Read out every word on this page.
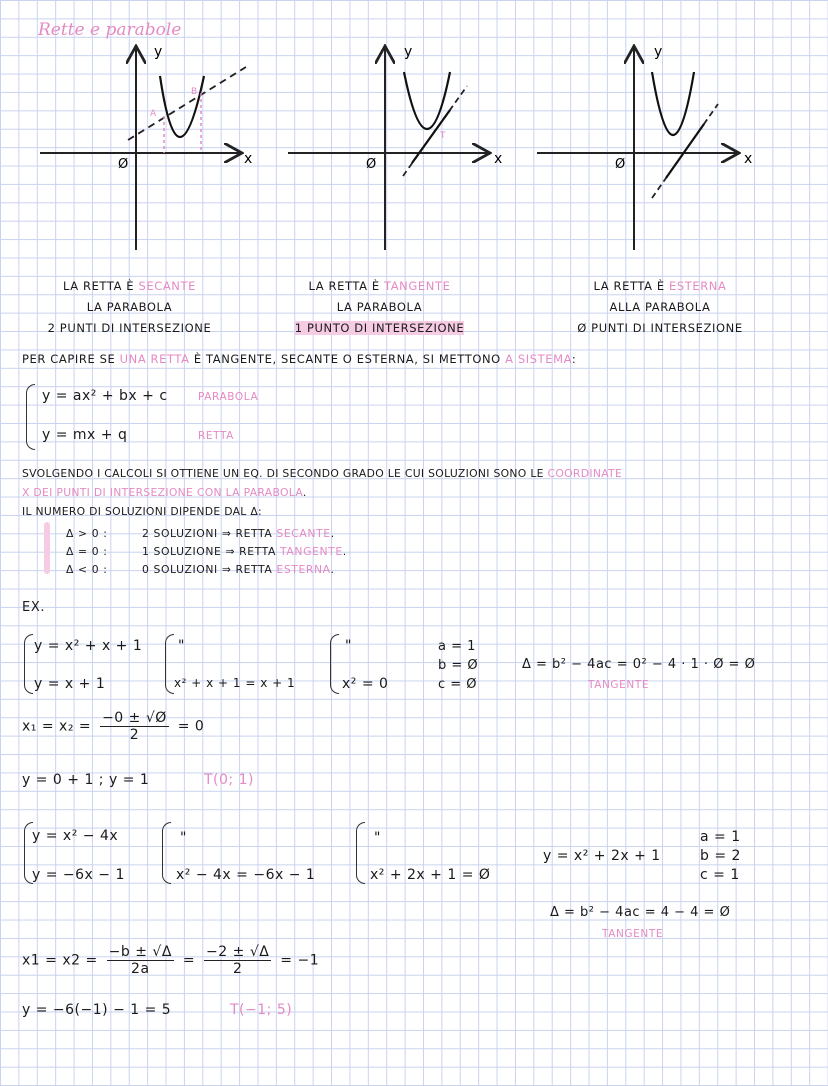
Rette e parabole
Ø	x
y
A
B
Ø	x
y
T
Ø	x
y
LA RETTA È SECANTE
LA PARABOLA
2 PUNTI DI INTERSEZIONE
LA RETTA È TANGENTE
LA PARABOLA
1 PUNTO DI INTERSEZIONE
LA RETTA È ESTERNA
ALLA PARABOLA
Ø PUNTI DI INTERSEZIONE
PER CAPIRE SE UNA RETTA È TANGENTE, SECANTE O ESTERNA, SI METTONO A SISTEMA:
y = ax² + bx + c	PARABOLA
y = mx + q	RETTA
SVOLGENDO I CALCOLI SI OTTIENE UN EQ. DI SECONDO GRADO LE CUI SOLUZIONI SONO LE COORDINATE
X DEI PUNTI DI INTERSEZIONE CON LA PARABOLA.
IL NUMERO DI SOLUZIONI DIPENDE DAL Δ:
Δ > 0 :	2 SOLUZIONI ⇒ RETTA SECANTE.
Δ = 0 :	1 SOLUZIONE ⇒ RETTA TANGENTE.
Δ < 0 :	0 SOLUZIONI ⇒ RETTA ESTERNA.
EX.
y = x² + x + 1
y = x + 1
"
x² + x + 1 = x + 1
"
x² = 0
a = 1
b = Ø
c = Ø
Δ = b² − 4ac = 0² − 4 · 1 · Ø = Ø
TANGENTE
$x_1 = x_2 = \frac{-0 \pm √Ø}{2} = 0$
y = 0 + 1 ; y = 1	T(0; 1)
y = x² − 4x
y = −6x − 1
"
x² − 4x = −6x − 1
"
x² + 2x + 1 = Ø
y = x² + 2x + 1
a = 1
b = 2
c = 1
Δ = b² − 4ac = 4 − 4 = Ø
TANGENTE
$x1 = x2 = \frac{-b \pm √\Delta}{2a} = \frac{-2 \pm √\Delta}{2} = -1$
y = −6(−1) − 1 = 5	T(−1; 5)
